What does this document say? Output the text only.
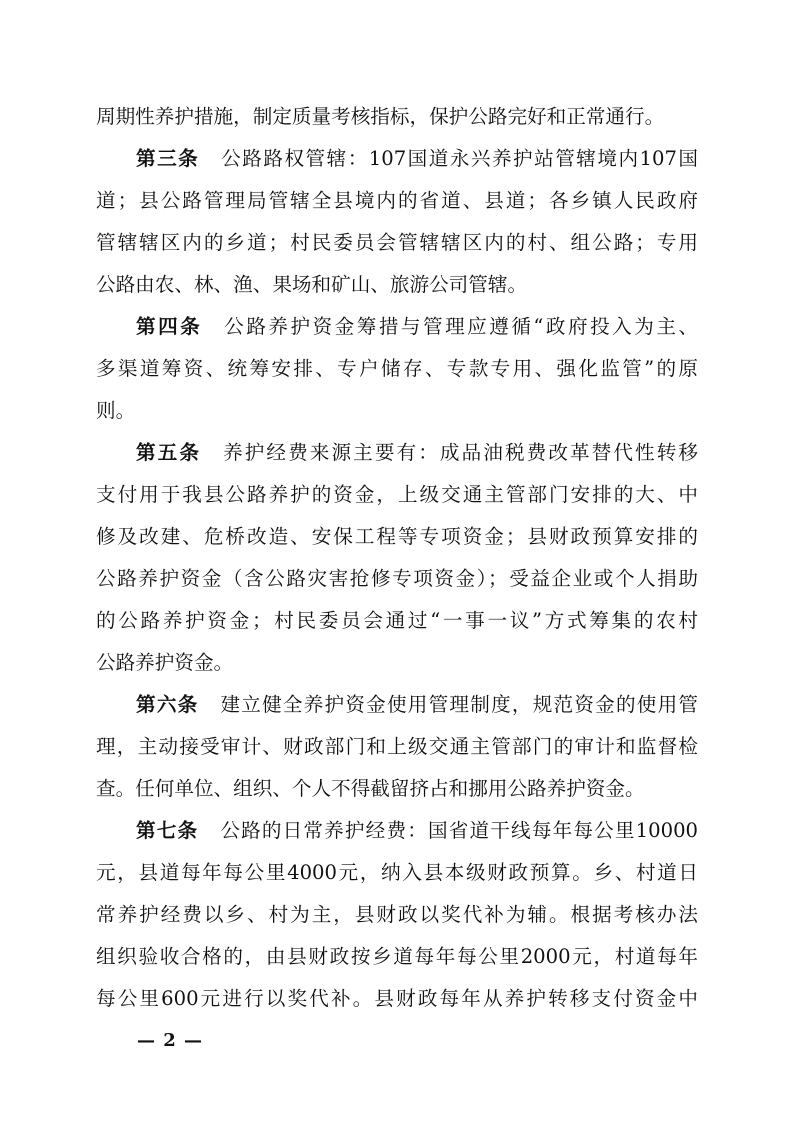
周期性养护措施，制定质量考核指标，保护公路完好和正常通行。
第三条 公路路权管辖：107国道永兴养护站管辖境内107国
道；县公路管理局管辖全县境内的省道、县道；各乡镇人民政府
管辖辖区内的乡道；村民委员会管辖辖区内的村、组公路；专用
公路由农、林、渔、果场和矿山、旅游公司管辖。
第四条 公路养护资金筹措与管理应遵循“政府投入为主、
多渠道筹资、统筹安排、专户储存、专款专用、强化监管”的原
则。
第五条 养护经费来源主要有：成品油税费改革替代性转移
支付用于我县公路养护的资金，上级交通主管部门安排的大、中
修及改建、危桥改造、安保工程等专项资金；县财政预算安排的
公路养护资金（含公路灾害抢修专项资金）；受益企业或个人捐助
的公路养护资金；村民委员会通过“一事一议”方式筹集的农村
公路养护资金。
第六条 建立健全养护资金使用管理制度，规范资金的使用管
理，主动接受审计、财政部门和上级交通主管部门的审计和监督检
查。任何单位、组织、个人不得截留挤占和挪用公路养护资金。
第七条 公路的日常养护经费：国省道干线每年每公里10000
元，县道每年每公里4000元，纳入县本级财政预算。乡、村道日
常养护经费以乡、村为主，县财政以奖代补为辅。根据考核办法
组织验收合格的，由县财政按乡道每年每公里2000元，村道每年
每公里600元进行以奖代补。县财政每年从养护转移支付资金中
— 2 —
